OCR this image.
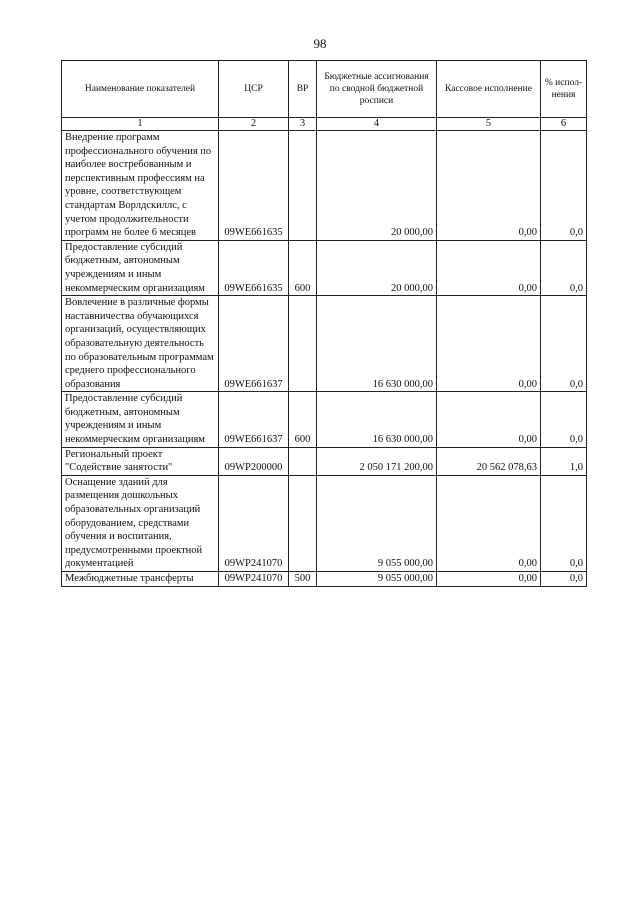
98
Наименование показателей	ЦСР	ВР	Бюджетные ассигнования по сводной бюджетной росписи	Кассовое исполнение	% испол-нения
1	2	3	4	5	6
Внедрение программ профессионального обучения по наиболее востребованным и перспективным профессиям на уровне, соответствующем стандартам Ворлдскиллс, с учетом продолжительности программ не более 6 месяцев	09WE661635		20 000,00	0,00	0,0
Предоставление субсидий бюджетным, автономным учреждениям и иным некоммерческим организациям	09WE661635	600	20 000,00	0,00	0,0
Вовлечение в различные формы наставничества обучающихся организаций, осуществляющих образовательную деятельность по образовательным программам среднего профессионального образования	09WE661637		16 630 000,00	0,00	0,0
Предоставление субсидий бюджетным, автономным учреждениям и иным некоммерческим организациям	09WE661637	600	16 630 000,00	0,00	0,0
Региональный проект "Содействие занятости"	09WP200000		2 050 171 200,00	20 562 078,63	1,0
Оснащение зданий для размещения дошкольных образовательных организаций оборудованием, средствами обучения и воспитания, предусмотренными проектной документацией	09WP241070		9 055 000,00	0,00	0,0
Межбюджетные трансферты	09WP241070	500	9 055 000,00	0,00	0,0
